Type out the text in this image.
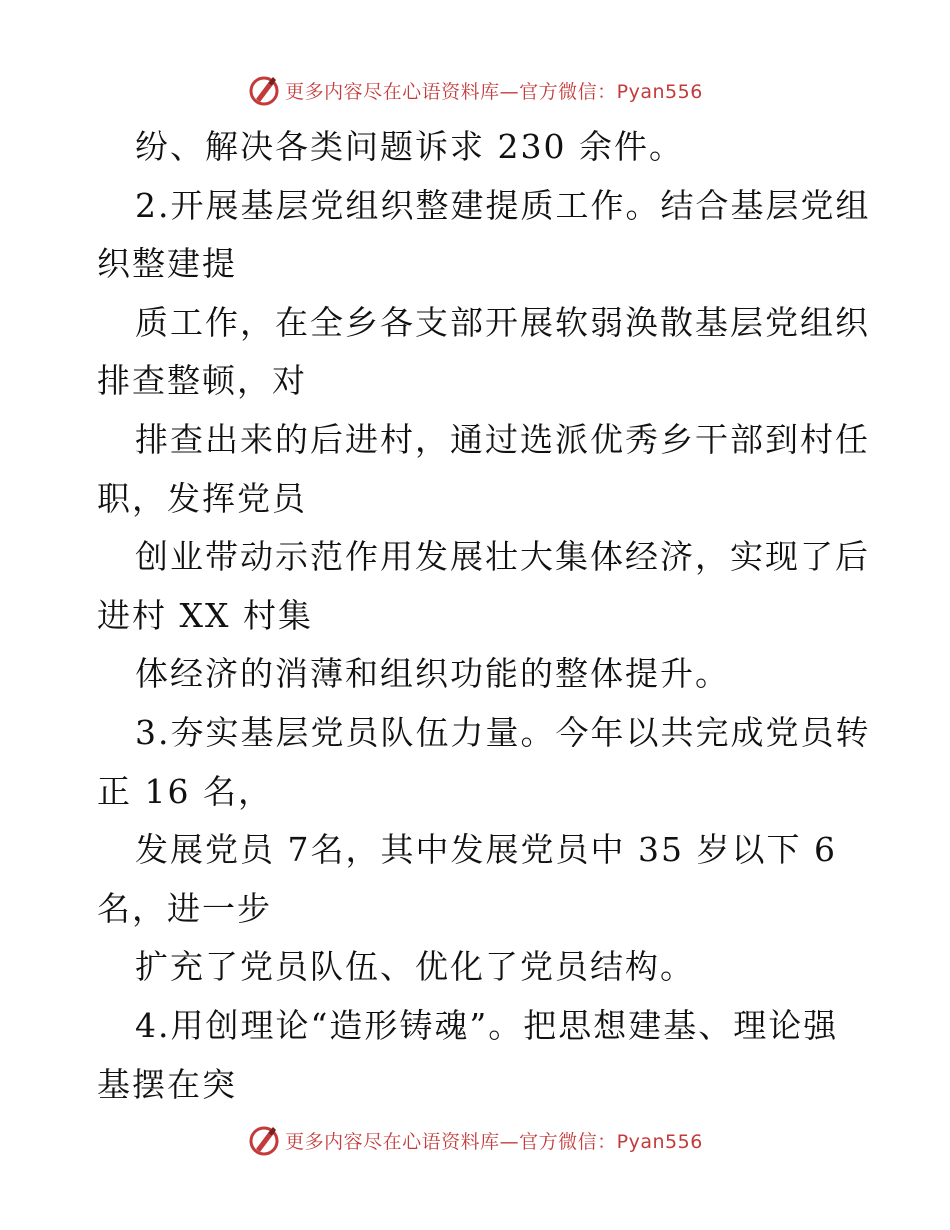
更多内容尽在心语资料库—官方微信：Pyan556
纷、解决各类问题诉求 230 余件。
2.开展基层党组织整建提质工作。结合基层党组
织整建提
质工作，在全乡各支部开展软弱涣散基层党组织
排查整顿，对
排查出来的后进村，通过选派优秀乡干部到村任
职，发挥党员
创业带动示范作用发展壮大集体经济，实现了后
进村 XX 村集
体经济的消薄和组织功能的整体提升。
3.夯实基层党员队伍力量。今年以共完成党员转
正 16 名，
发展党员 7名，其中发展党员中 35 岁以下 6
名，进一步
扩充了党员队伍、优化了党员结构。
4.用创理论“造形铸魂”。把思想建基、理论强
基摆在突
更多内容尽在心语资料库—官方微信：Pyan556
